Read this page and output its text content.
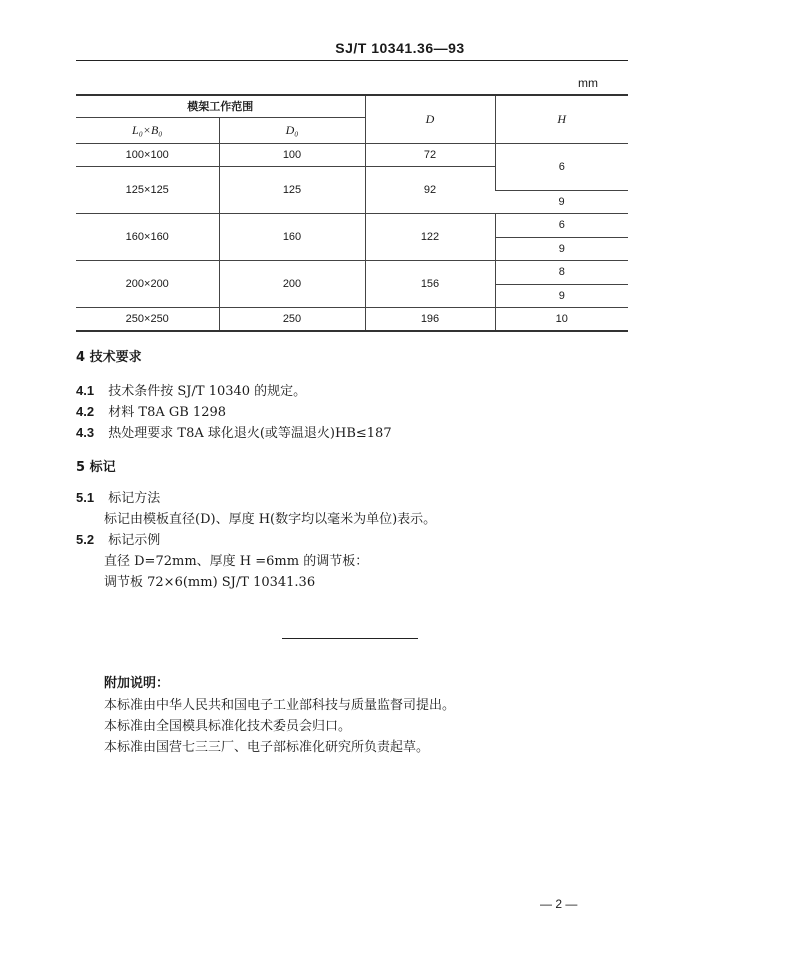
SJ/T 10341.36—93
mm
模架工作范围		D	H
L₀×B₀	D₀		
100×100	100	72	6
125×125	125	92	
			9
160×160	160	122	6
			9
200×200	200	156	8
			9
250×250	250	196	10
4 技术要求
4.1 技术条件按 SJ/T 10340 的规定。
4.2 材料 T8A GB 1298
4.3 热处理要求 T8A 球化退火(或等温退火)HB≤187
5 标记
5.1 标记方法
标记由模板直径(D)、厚度 H(数字均以毫米为单位)表示。
5.2 标记示例
直径 D=72mm、厚度 H =6mm 的调节板：
调节板 72×6(mm) SJ/T 10341.36
附加说明：
本标准由中华人民共和国电子工业部科技与质量监督司提出。
本标准由全国模具标准化技术委员会归口。
本标准由国营七三三厂、电子部标准化研究所负责起草。
— 2 —
